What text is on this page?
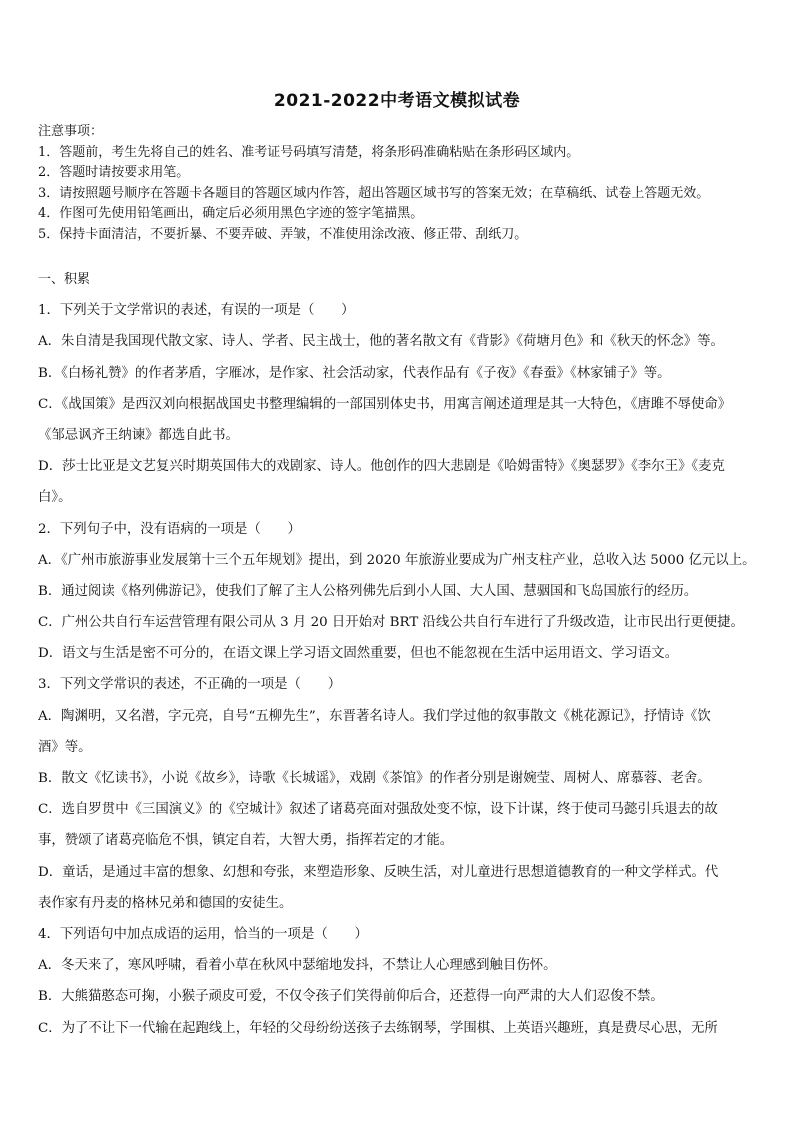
2021-2022中考语文模拟试卷
注意事项：
1．答题前，考生先将自己的姓名、准考证号码填写清楚，将条形码准确粘贴在条形码区域内。
2．答题时请按要求用笔。
3．请按照题号顺序在答题卡各题目的答题区域内作答，超出答题区域书写的答案无效；在草稿纸、试卷上答题无效。
4．作图可先使用铅笔画出，确定后必须用黑色字迹的签字笔描黑。
5．保持卡面清洁，不要折暴、不要弄破、弄皱，不准使用涂改液、修正带、刮纸刀。
一、积累
1．下列关于文学常识的表述，有误的一项是（　　）
A．朱自清是我国现代散文家、诗人、学者、民主战士，他的著名散文有《背影》《荷塘月色》和《秋天的怀念》等。
B．《白杨礼赞》的作者茅盾，字雁冰，是作家、社会活动家，代表作品有《子夜》《春蚕》《林家铺子》等。
C．《战国策》是西汉刘向根据战国史书整理编辑的一部国别体史书，用寓言阐述道理是其一大特色，《唐雎不辱使命》
《邹忌讽齐王纳谏》都选自此书。
D．莎士比亚是文艺复兴时期英国伟大的戏剧家、诗人。他创作的四大悲剧是《哈姆雷特》《奥瑟罗》《李尔王》《麦克
白》。
2．下列句子中，没有语病的一项是（　　）
A．《广州市旅游事业发展第十三个五年规划》提出，到 2020 年旅游业要成为广州支柱产业，总收入达 5000 亿元以上。
B．通过阅读《格列佛游记》，使我们了解了主人公格列佛先后到小人国、大人国、慧骃国和飞岛国旅行的经历。
C．广州公共自行车运营管理有限公司从 3 月 20 日开始对 BRT 沿线公共自行车进行了升级改造，让市民出行更便捷。
D．语文与生活是密不可分的，在语文课上学习语文固然重要，但也不能忽视在生活中运用语文、学习语文。
3．下列文学常识的表述，不正确的一项是（　　）
A．陶渊明，又名潜，字元亮，自号“五柳先生”，东晋著名诗人。我们学过他的叙事散文《桃花源记》，抒情诗《饮
酒》等。
B．散文《忆读书》，小说《故乡》，诗歌《长城谣》，戏剧《茶馆》的作者分别是谢婉莹、周树人、席慕蓉、老舍。
C．选自罗贯中《三国演义》的《空城计》叙述了诸葛亮面对强敌处变不惊，设下计谋，终于使司马懿引兵退去的故
事，赞颂了诸葛亮临危不惧，镇定自若，大智大勇，指挥若定的才能。
D．童话，是通过丰富的想象、幻想和夸张，来塑造形象、反映生活，对儿童进行思想道德教育的一种文学样式。代
表作家有丹麦的格林兄弟和德国的安徒生。
4．下列语句中加点成语的运用，恰当的一项是（　　）
A．冬天来了，寒风呼啸，看着小草在秋风中瑟缩地发抖，不禁让人心理感到触目伤怀。
B．大熊猫憨态可掬，小猴子顽皮可爱，不仅令孩子们笑得前仰后合，还惹得一向严肃的大人们忍俊不禁。
C．为了不让下一代输在起跑线上，年轻的父母纷纷送孩子去练钢琴，学围棋、上英语兴趣班，真是费尽心思，无所
